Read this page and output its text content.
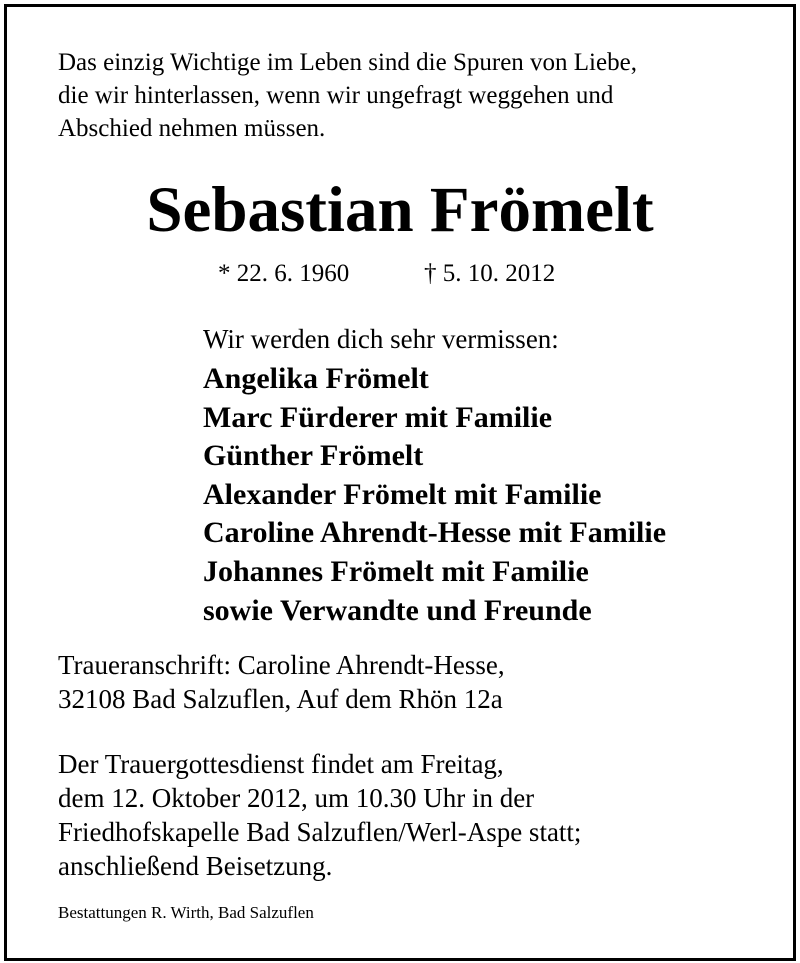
Das einzig Wichtige im Leben sind die Spuren von Liebe,
die wir hinterlassen, wenn wir ungefragt weggehen und
Abschied nehmen müssen.
Sebastian Frömelt
* 22. 6. 1960	† 5. 10. 2012
Wir werden dich sehr vermissen:
Angelika Frömelt
Marc Fürderer mit Familie
Günther Frömelt
Alexander Frömelt mit Familie
Caroline Ahrendt-Hesse mit Familie
Johannes Frömelt mit Familie
sowie Verwandte und Freunde
Traueranschrift: Caroline Ahrendt-Hesse,
32108 Bad Salzuflen, Auf dem Rhön 12a
Der Trauergottesdienst findet am Freitag,
dem 12. Oktober 2012, um 10.30 Uhr in der
Friedhofskapelle Bad Salzuflen/Werl-Aspe statt;
anschließend Beisetzung.
Bestattungen R. Wirth, Bad Salzuflen
